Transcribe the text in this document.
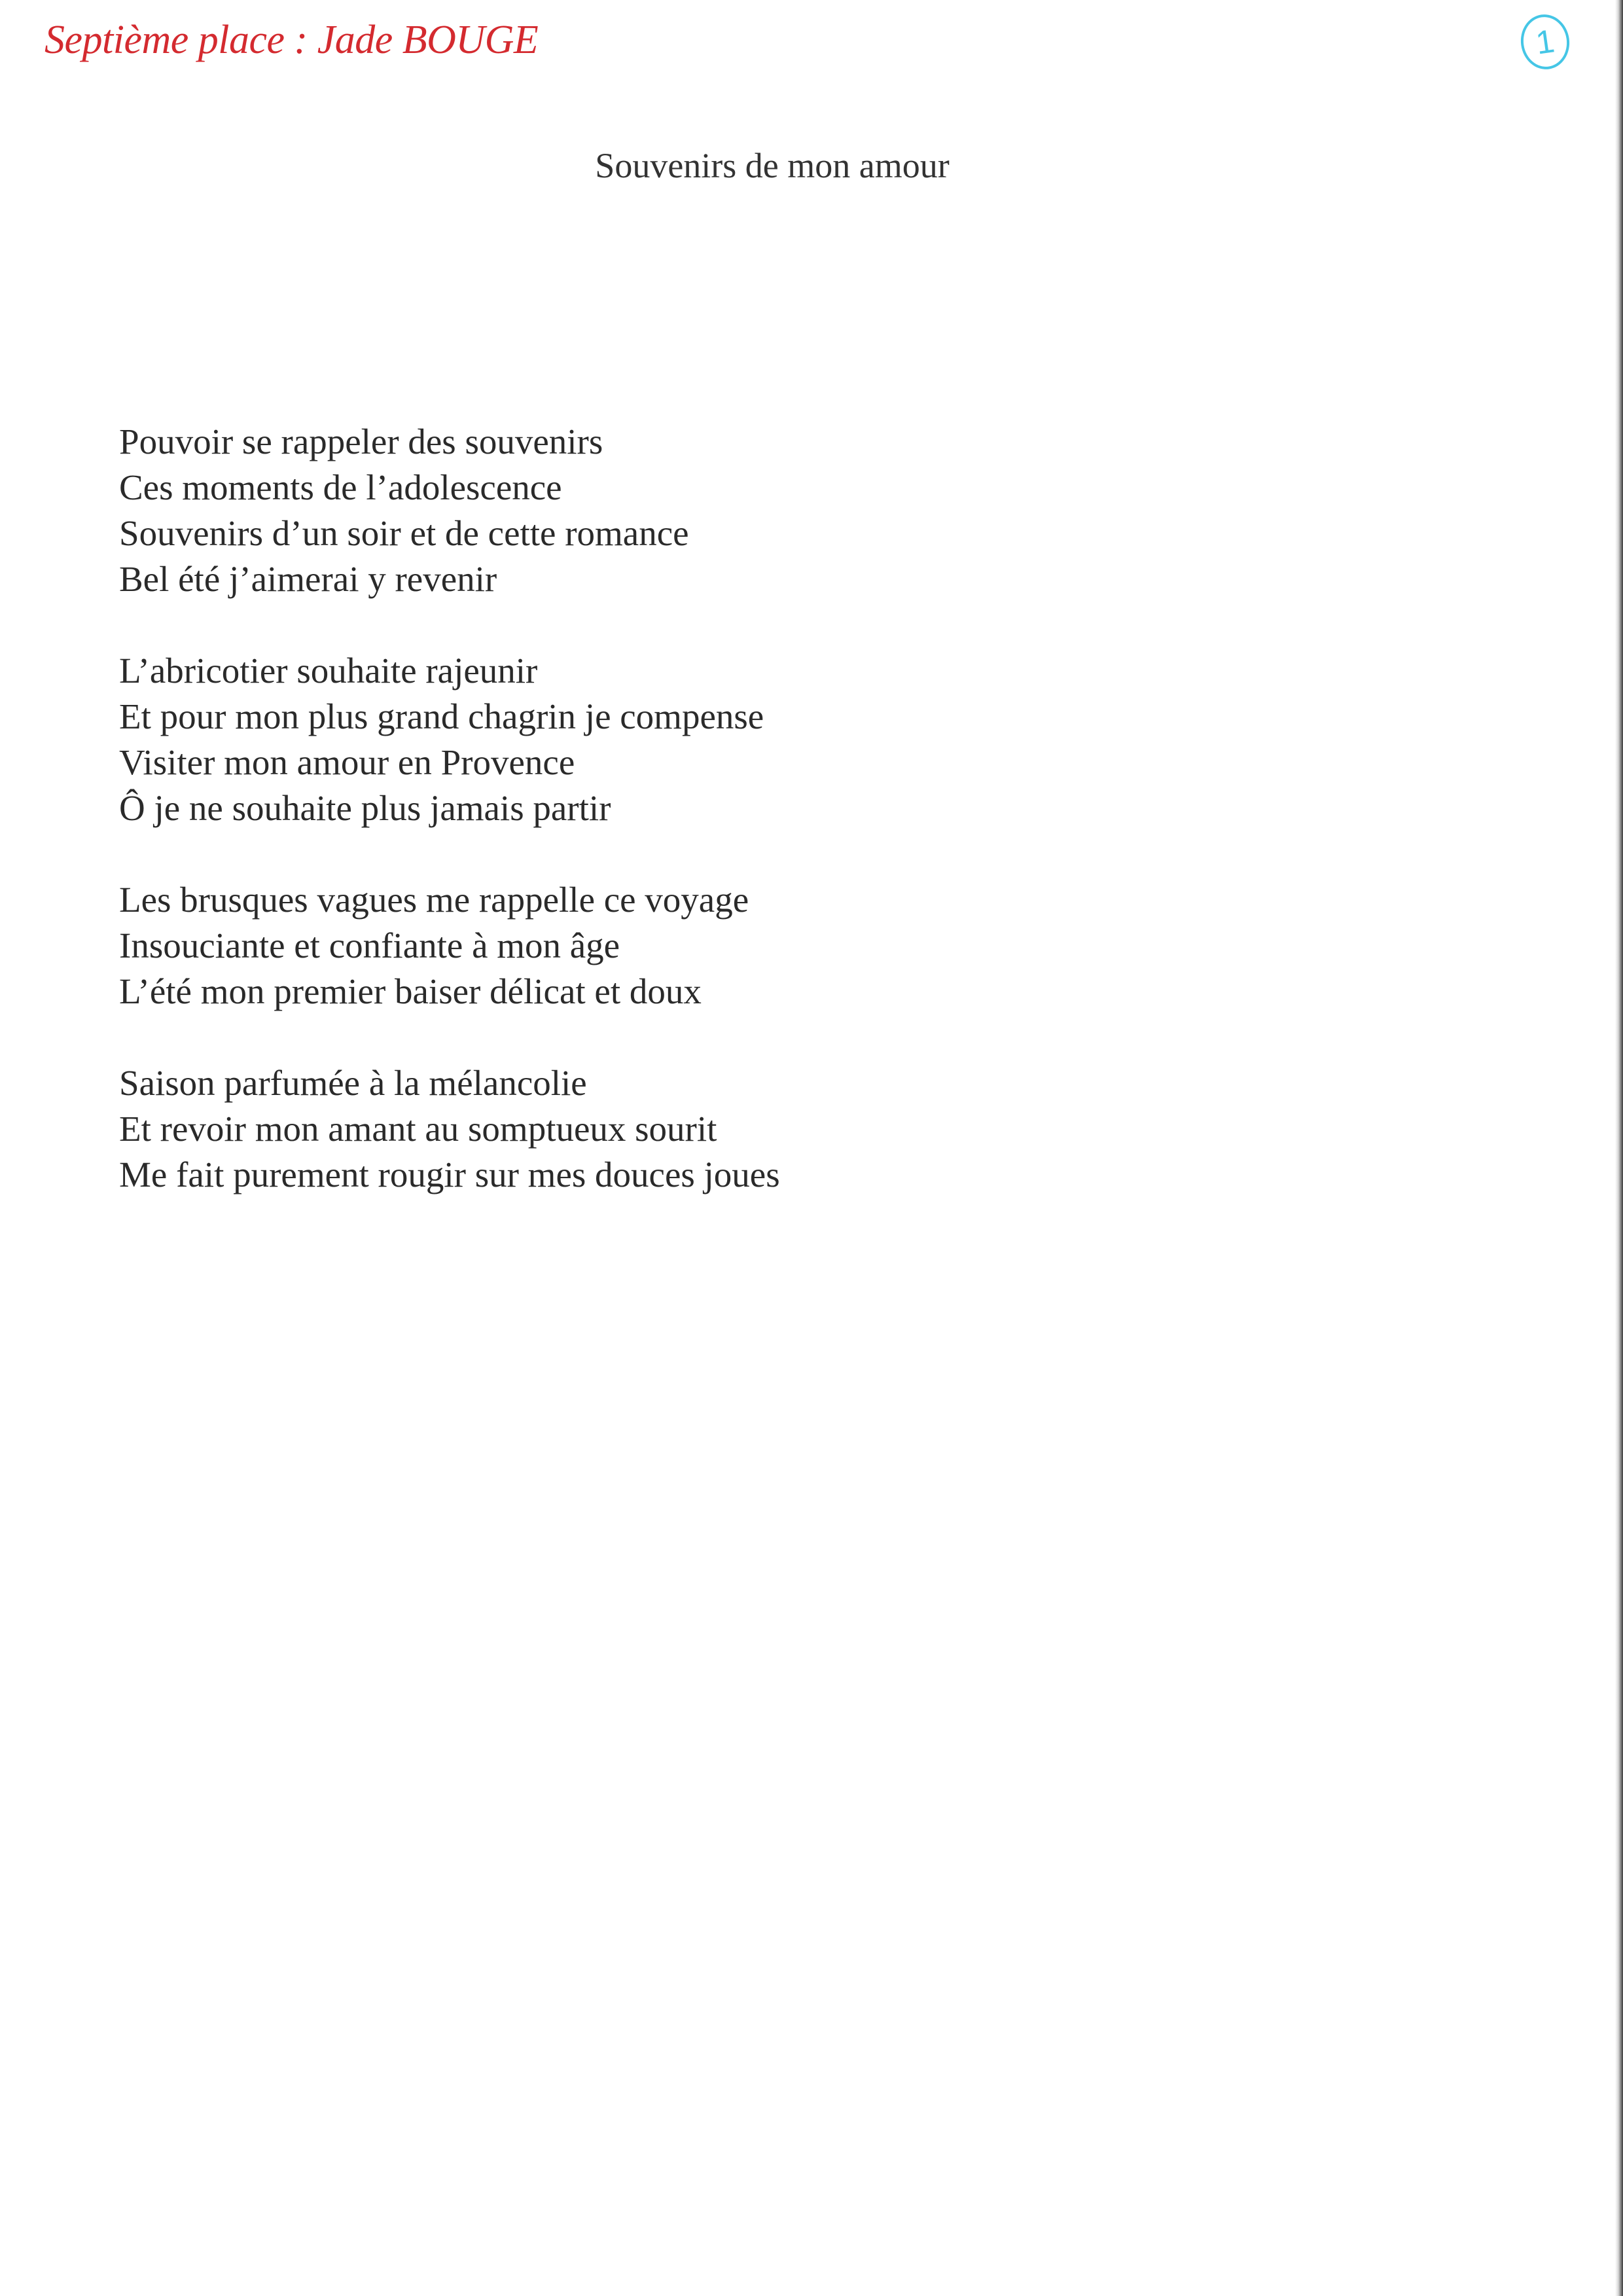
Septième place : Jade BOUGE	1
Souvenirs de mon amour
Pouvoir se rappeler des souvenirs
Ces moments de l’adolescence
Souvenirs d’un soir et de cette romance
Bel été j’aimerai y revenir
L’abricotier souhaite rajeunir
Et pour mon plus grand chagrin je compense
Visiter mon amour en Provence
Ô je ne souhaite plus jamais partir
Les brusques vagues me rappelle ce voyage
Insouciante et confiante à mon âge
L’été mon premier baiser délicat et doux
Saison parfumée à la mélancolie
Et revoir mon amant au somptueux sourit
Me fait purement rougir sur mes douces joues
